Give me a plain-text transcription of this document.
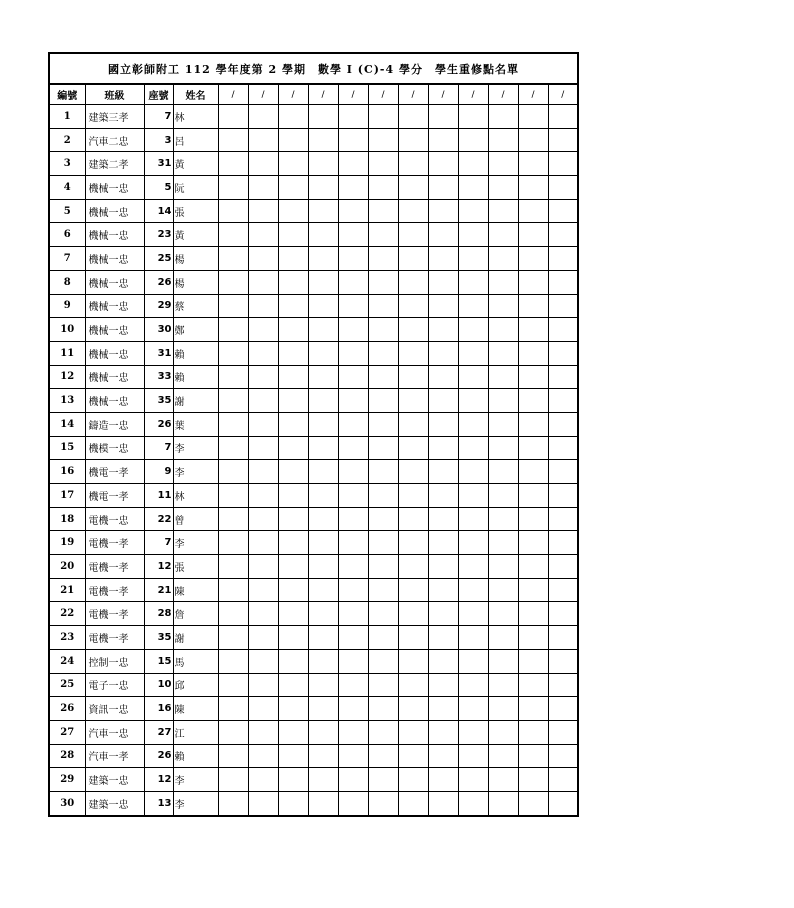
國立彰師附工 112 學年度第 2 學期　數學 I (C)-4 學分　學生重修點名單																
編號	班級	座號	姓名		/	/	/	/	/	/	/	/	/	/	/	/
1	建築三孝	7	林													
2	汽車二忠	3	呂													
3	建築二孝	31	黃													
4	機械一忠	5	阮													
5	機械一忠	14	張													
6	機械一忠	23	黃													
7	機械一忠	25	楊													
8	機械一忠	26	楊													
9	機械一忠	29	蔡													
10	機械一忠	30	鄭													
11	機械一忠	31	賴													
12	機械一忠	33	賴													
13	機械一忠	35	謝													
14	鑄造一忠	26	葉													
15	機模一忠	7	李													
16	機電一孝	9	李													
17	機電一孝	11	林													
18	電機一忠	22	曾													
19	電機一孝	7	李													
20	電機一孝	12	張													
21	電機一孝	21	陳													
22	電機一孝	28	詹													
23	電機一孝	35	謝													
24	控制一忠	15	馬													
25	電子一忠	10	邱													
26	資訊一忠	16	陳													
27	汽車一忠	27	江													
28	汽車一孝	26	賴													
29	建築一忠	12	李													
30	建築一忠	13	李													
